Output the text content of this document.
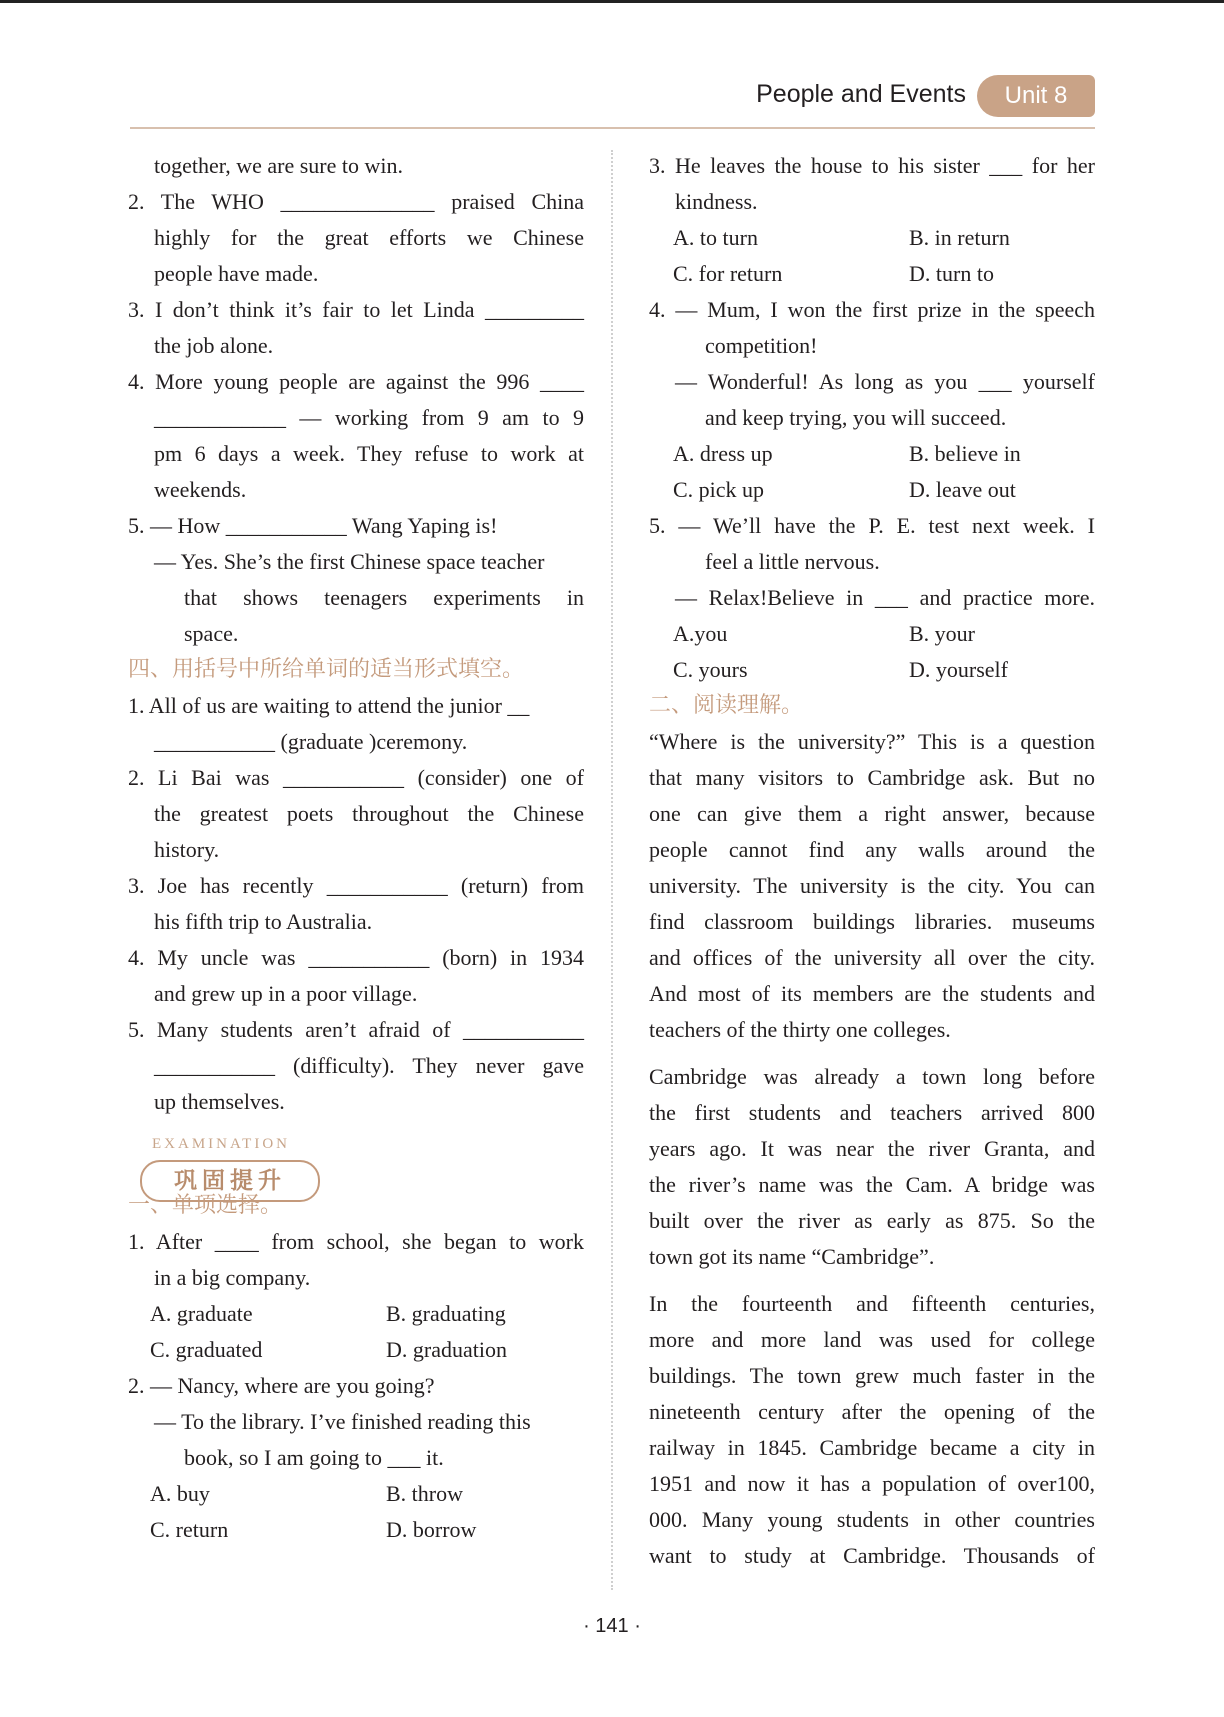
People and Events	Unit 8
together, we are sure to win.
2. The WHO ______________ praised China
highly for the great efforts we Chinese
people have made.
3. I don’t think it’s fair to let Linda _________
the job alone.
4. More young people are against the 996 ____
____________ — working from 9 am to 9
pm 6 days a week. They refuse to work at
weekends.
5. — How ___________ Wang Yaping is!
— Yes. She’s the first Chinese space teacher
that shows teenagers experiments in
space.
四、用括号中所给单词的适当形式填空。
1. All of us are waiting to attend the junior __
___________ (graduate )ceremony.
2. Li Bai was ___________ (consider) one of
the greatest poets throughout the Chinese
history.
3. Joe has recently ___________ (return) from
his fifth trip to Australia.
4. My uncle was ___________ (born) in 1934
and grew up in a poor village.
5. Many students aren’t afraid of ___________
___________ (difficulty). They never gave
up themselves.
EXAMINATION
巩固提升
一、单项选择。
1. After ____ from school, she began to work
in a big company.
A. graduate	B. graduating
C. graduated	D. graduation
2. — Nancy, where are you going?
— To the library. I’ve finished reading this
book, so I am going to ___ it.
A. buy	B. throw
C. return	D. borrow
3. He leaves the house to his sister ___ for her
kindness.
A. to turn	B. in return
C. for return	D. turn to
4. — Mum, I won the first prize in the speech
competition!
— Wonderful! As long as you ___ yourself
and keep trying, you will succeed.
A. dress up	B. believe in
C. pick up	D. leave out
5. — We’ll have the P. E. test next week. I
feel a little nervous.
— Relax!Believe in ___ and practice more.
A.you	B. your
C. yours	D. yourself
二、阅读理解。
“Where is the university?” This is a question
that many visitors to Cambridge ask. But no
one can give them a right answer, because
people cannot find any walls around the
university. The university is the city. You can
find classroom buildings libraries. museums
and offices of the university all over the city.
And most of its members are the students and
teachers of the thirty one colleges.
Cambridge was already a town long before
the first students and teachers arrived 800
years ago. It was near the river Granta, and
the river’s name was the Cam. A bridge was
built over the river as early as 875. So the
town got its name “Cambridge”.
In the fourteenth and fifteenth centuries,
more and more land was used for college
buildings. The town grew much faster in the
nineteenth century after the opening of the
railway in 1845. Cambridge became a city in
1951 and now it has a population of over100,
000. Many young students in other countries
want to study at Cambridge. Thousands of
· 141 ·
